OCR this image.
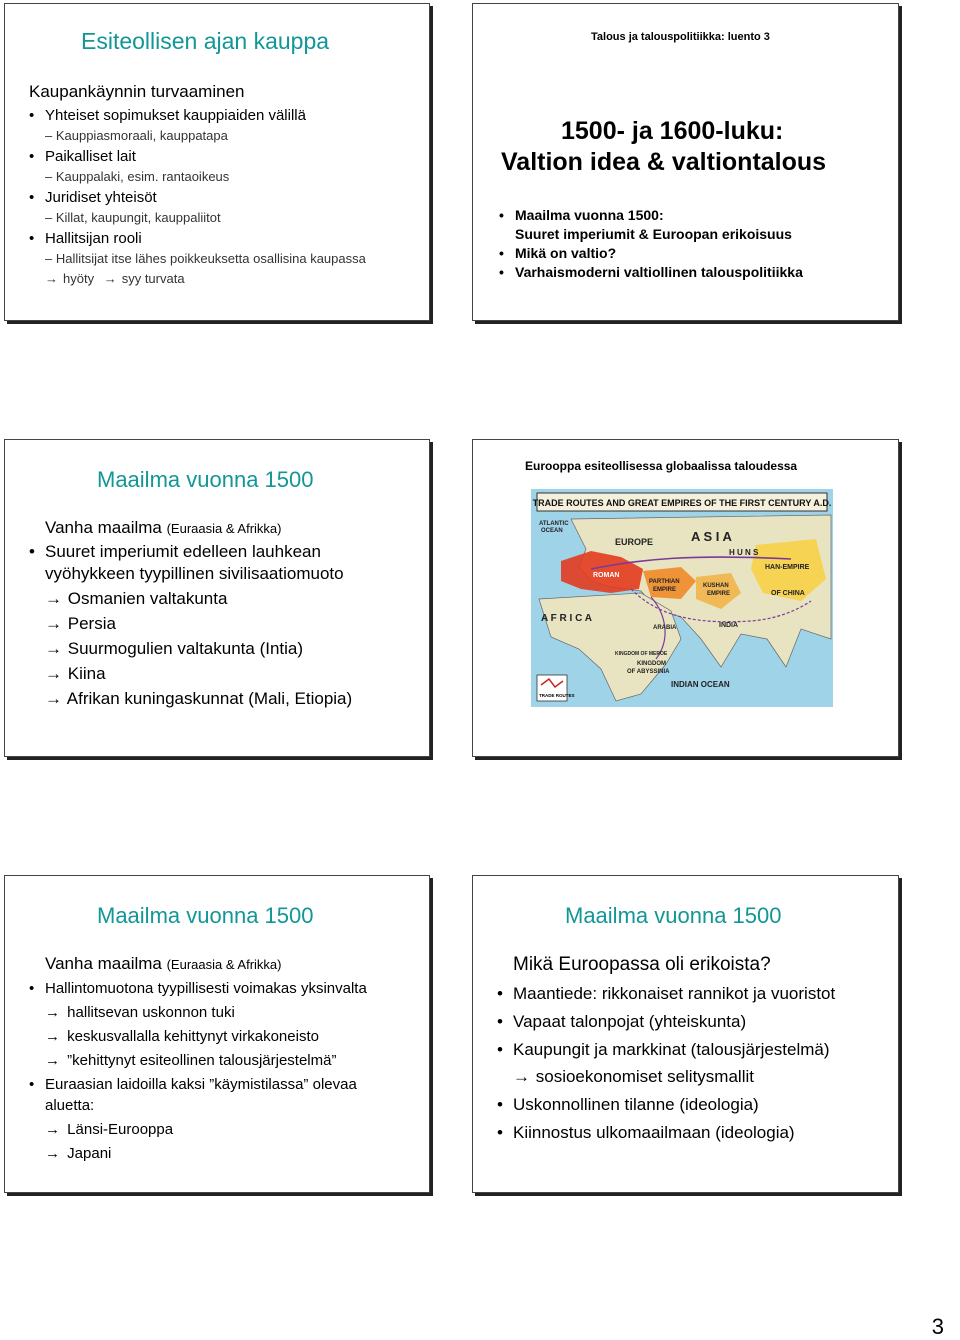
Esiteollisen ajan kauppa
Kaupankäynnin turvaaminen
• Yhteiset sopimukset kauppiaiden välillä
– Kauppiasmoraali, kauppatapa
• Paikalliset lait
– Kauppalaki, esim. rantaoikeus
• Juridiset yhteisöt
– Killat, kaupungit, kauppaliitot
• Hallitsijan rooli
– Hallitsijat itse lähes poikkeuksetta osallisina kaupassa
→ hyöty → syy turvata
Talous ja talouspolitiikka: luento 3
1500- ja 1600-luku:
Valtion idea & valtiontalous
• Maailma vuonna 1500:
Suuret imperiumit & Euroopan erikoisuus
• Mikä on valtio?
• Varhaismoderni valtiollinen talouspolitiikka
Maailma vuonna 1500
Vanha maailma (Euraasia & Afrikka)
• Suuret imperiumit edelleen lauhkean
vyöhykkeen tyypillinen sivilisaatiomuoto
→ Osmanien valtakunta
→ Persia
→ Suurmogulien valtakunta (Intia)
→ Kiina
→ Afrikan kuningaskunnat (Mali, Etiopia)
Eurooppa esiteollisessa globaalissa taloudessa
TRADE ROUTES AND GREAT EMPIRES OF THE FIRST CENTURY A.D.
ATLANTIC
OCEAN
EUROPE	A S I A
H U N S
HAN-EMPIRE
OF CHINA
ROMAN
PARTHIAN
EMPIRE
KUSHAN
EMPIRE
ARABIA	INDIA
A F R I C A
KINGDOM OF MEROE
KINGDOM
OF ABYSSINIA
INDIAN OCEAN
TRADE ROUTES
Maailma vuonna 1500
Vanha maailma (Euraasia & Afrikka)
• Hallintomuotona tyypillisesti voimakas yksinvalta
→ hallitsevan uskonnon tuki
→ keskusvallalla kehittynyt virkakoneisto
→ ”kehittynyt esiteollinen talousjärjestelmä”
• Euraasian laidoilla kaksi ”käymistilassa” olevaa
aluetta:
→ Länsi-Eurooppa
→ Japani
Maailma vuonna 1500
Mikä Euroopassa oli erikoista?
• Maantiede: rikkonaiset rannikot ja vuoristot
• Vapaat talonpojat (yhteiskunta)
• Kaupungit ja markkinat (talousjärjestelmä)
→ sosioekonomiset selitysmallit
• Uskonnollinen tilanne (ideologia)
• Kiinnostus ulkomaailmaan (ideologia)
3
